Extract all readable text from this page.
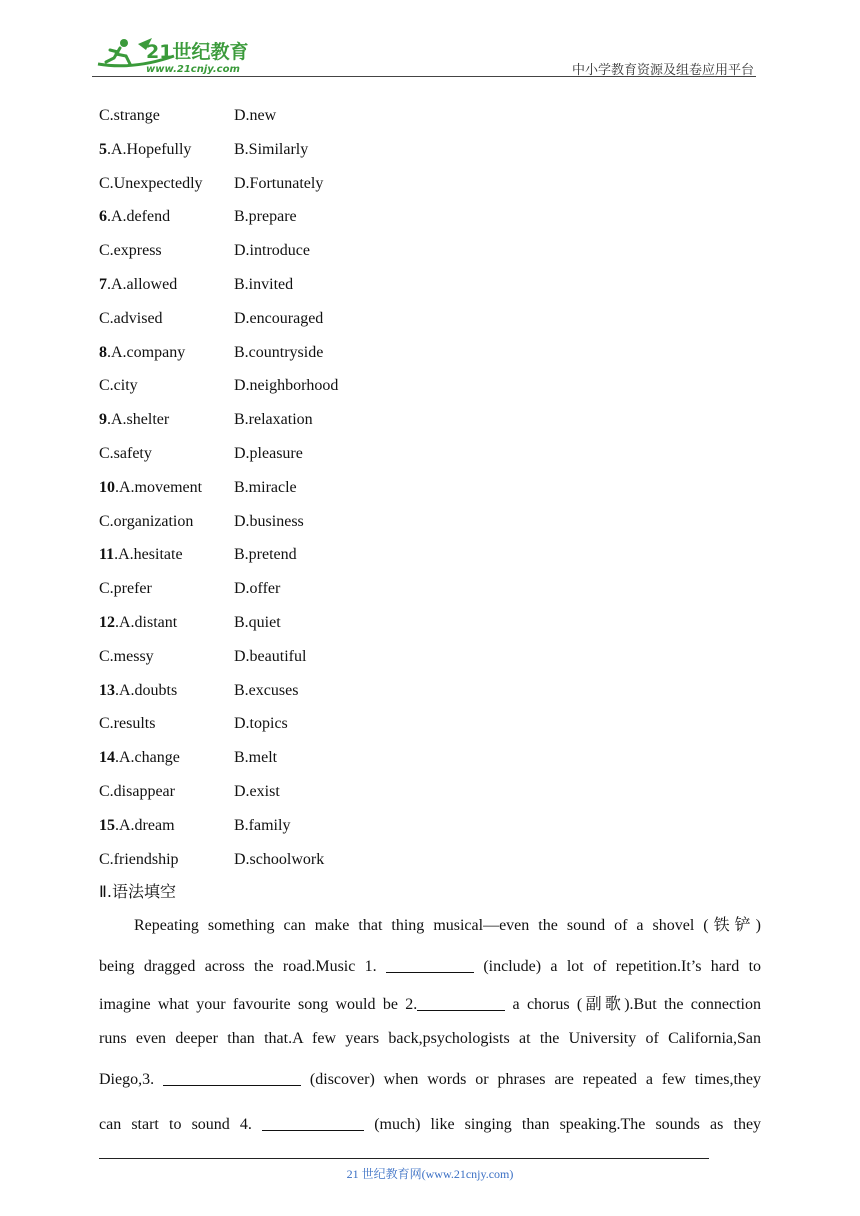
21世纪教育
www.21cnjy.com	中小学教育资源及组卷应用平台
C.strange	D.new
5.A.Hopefully	B.Similarly
C.Unexpectedly D.Fortunately
6.A.defend	B.prepare
C.express	D.introduce
7.A.allowed	B.invited
C.advised	D.encouraged
8.A.company	B.countryside
C.city	D.neighborhood
9.A.shelter	B.relaxation
C.safety	D.pleasure
10.A.movement B.miracle
C.organization	D.business
11.A.hesitate	B.pretend
C.prefer	D.offer
12.A.distant	B.quiet
C.messy	D.beautiful
13.A.doubts	B.excuses
C.results	D.topics
14.A.change	B.melt
C.disappear	D.exist
15.A.dream	B.family
C.friendship	D.schoolwork
Ⅱ.语法填空
Repeating something can make that thing musical—even the sound of a shovel (铁铲)
being dragged across the road.Music 1.	(include) a lot of repetition.It’s hard to
imagine what your favourite song would be 2.	a chorus (副歌).But the connection
runs even deeper than that.A few years back,psychologists at the University of California,San
Diego,3.	(discover) when words or phrases are repeated a few times,they
can start to sound 4.	(much) like singing than speaking.The sounds as they
21 世纪教育网(www.21cnjy.com)
